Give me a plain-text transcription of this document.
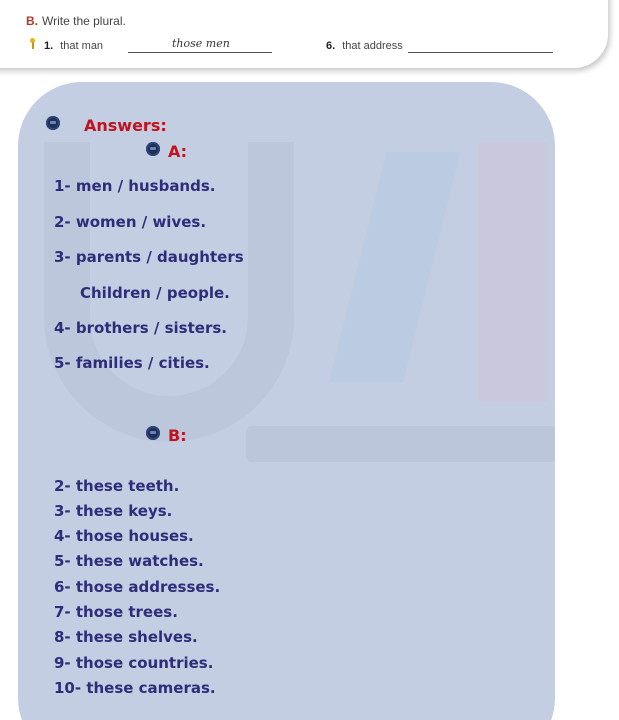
B. Write the plural.
1. that man	those men	6. that address
Answers:
A:
1- men / husbands.
2- women / wives.
3- parents / daughters
Children / people.
4- brothers / sisters.
5- families / cities.
B:
2- these teeth.
3- these keys.
4- those houses.
5- these watches.
6- those addresses.
7- those trees.
8- these shelves.
9- those countries.
10- these cameras.
